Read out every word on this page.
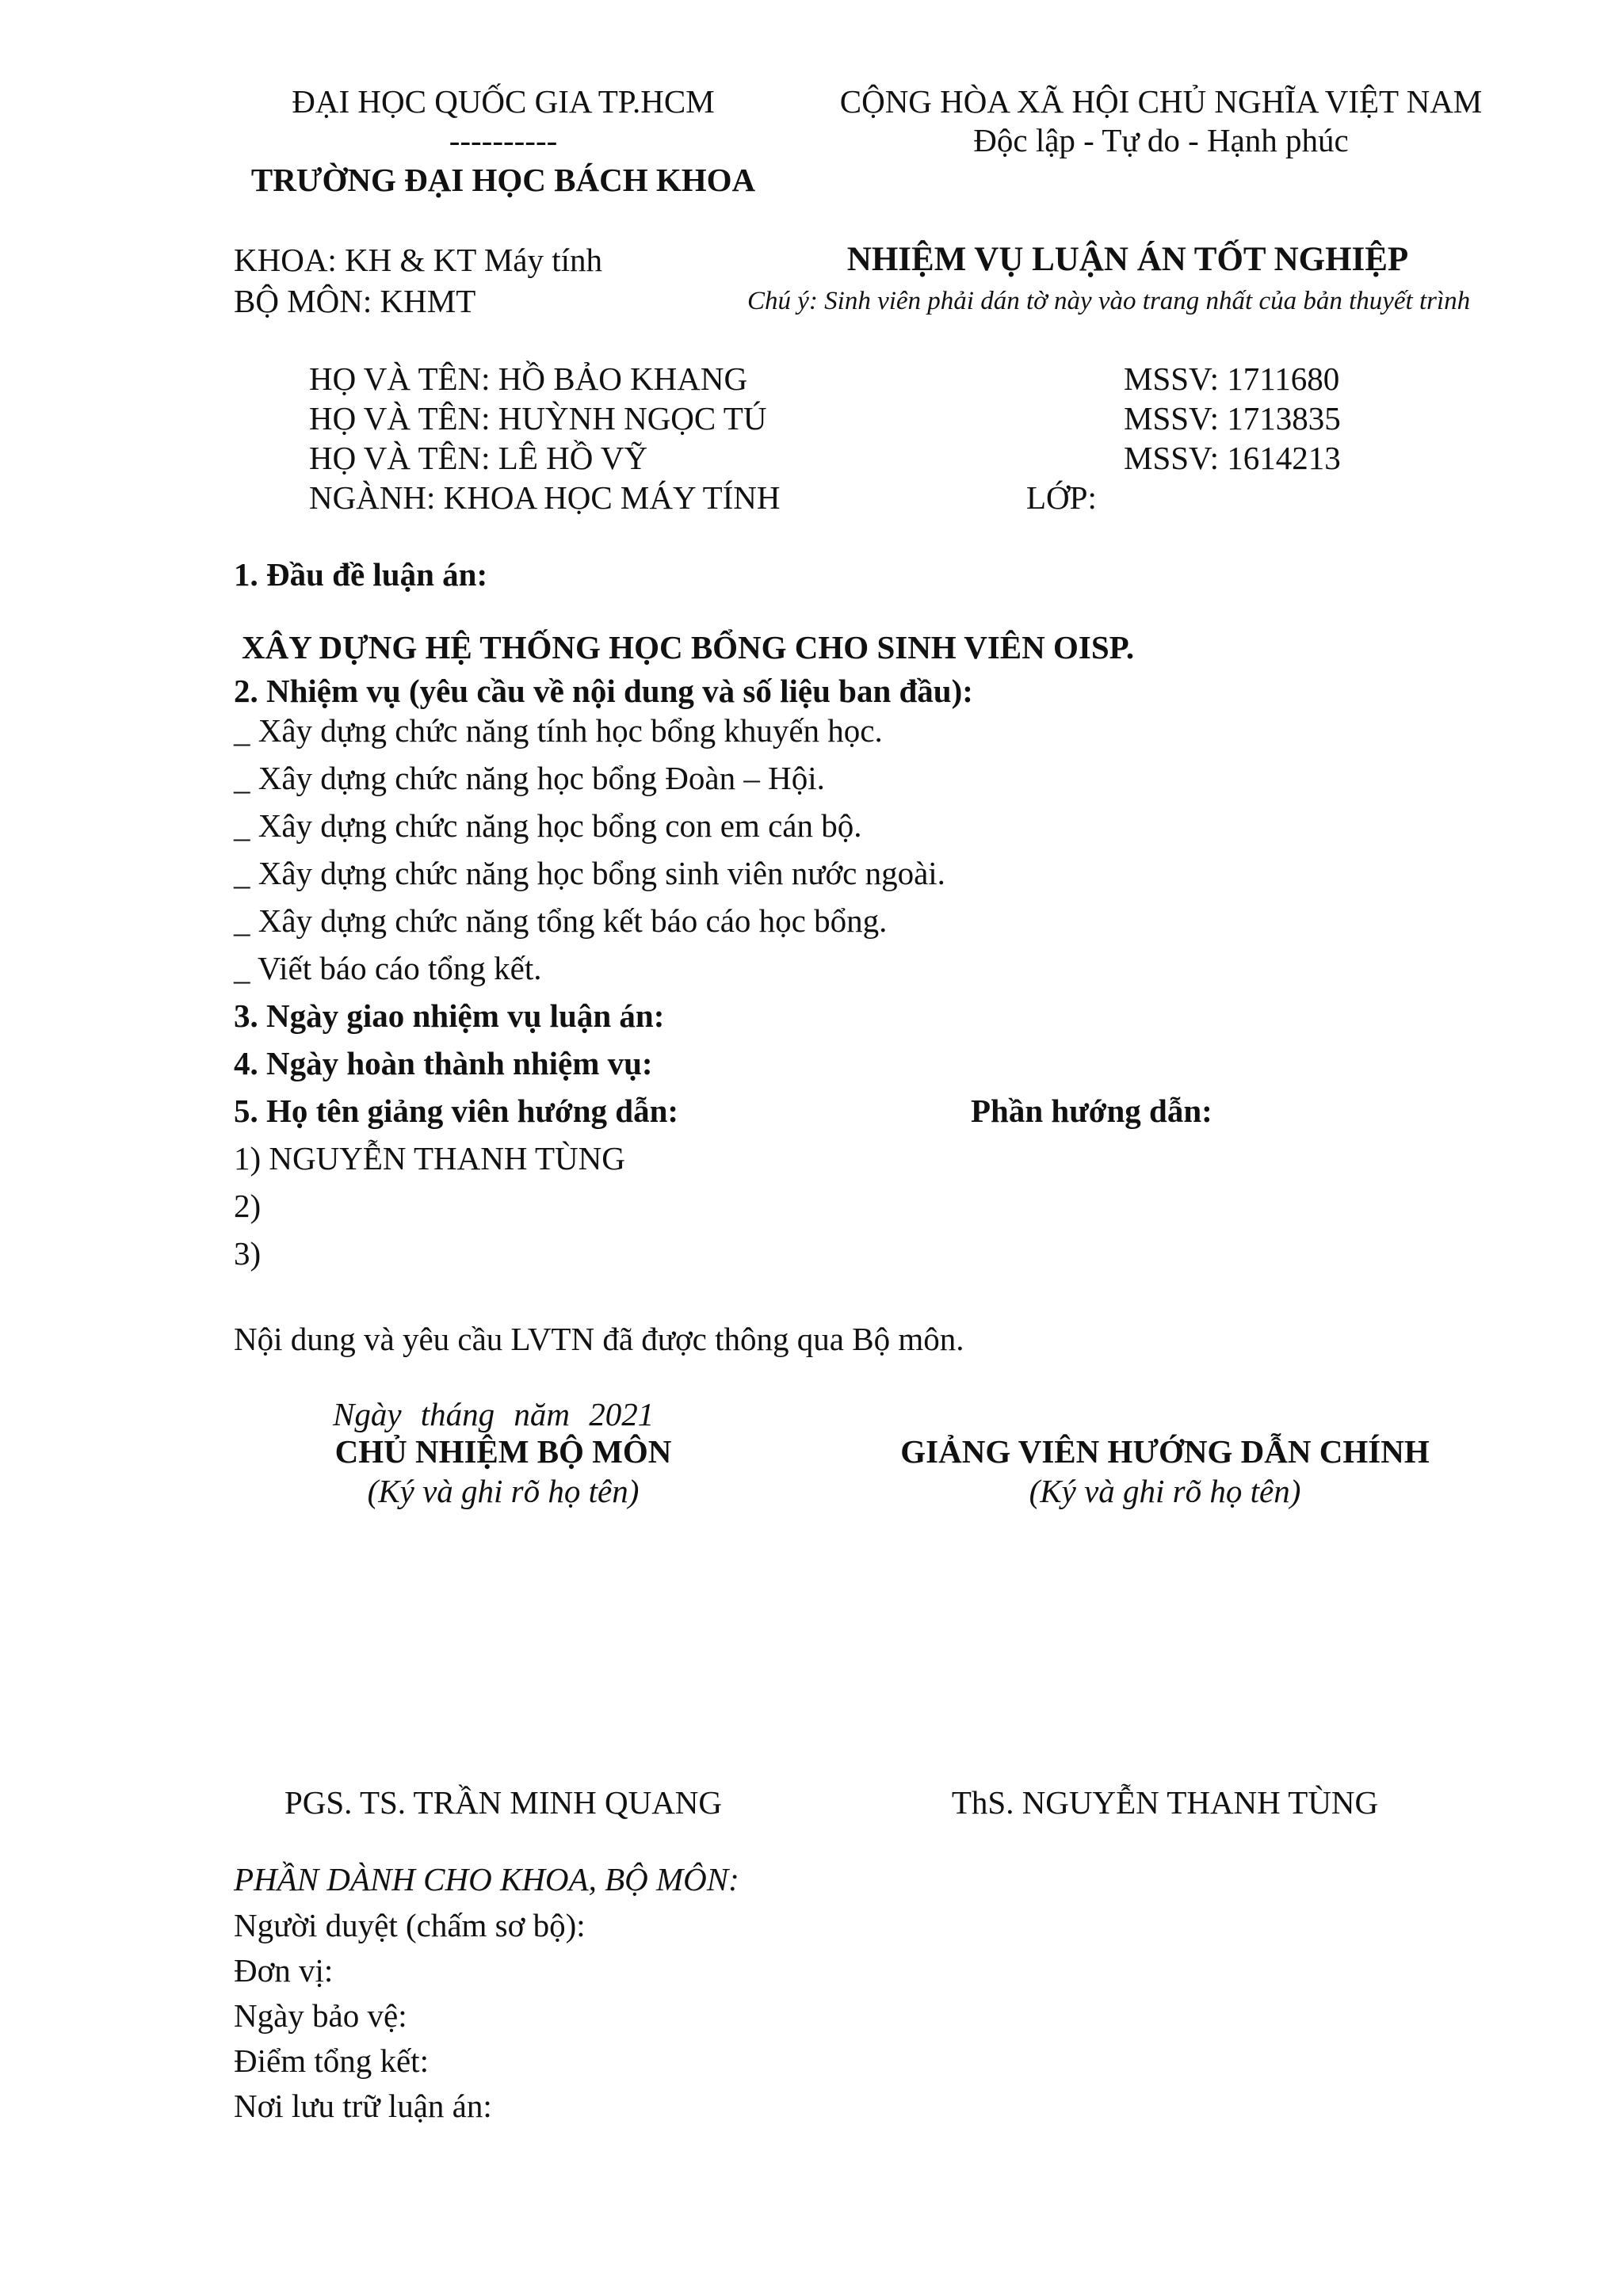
ĐẠI HỌC QUỐC GIA TP.HCM
----------
TRƯỜNG ĐẠI HỌC BÁCH KHOA
CỘNG HÒA XÃ HỘI CHỦ NGHĨA VIỆT NAM
Độc lập - Tự do - Hạnh phúc
KHOA: KH & KT Máy tính
BỘ MÔN: KHMT
NHIỆM VỤ LUẬN ÁN TỐT NGHIỆP
Chú ý: Sinh viên phải dán tờ này vào trang nhất của bản thuyết trình
HỌ VÀ TÊN: HỒ BẢO KHANG	MSSV: 1711680
HỌ VÀ TÊN: HUỲNH NGỌC TÚ	MSSV: 1713835
HỌ VÀ TÊN: LÊ HỒ VỸ	MSSV: 1614213
NGÀNH: KHOA HỌC MÁY TÍNH	LỚP:
1. Đầu đề luận án:
XÂY DỰNG HỆ THỐNG HỌC BỔNG CHO SINH VIÊN OISP.
2. Nhiệm vụ (yêu cầu về nội dung và số liệu ban đầu):
_ Xây dựng chức năng tính học bổng khuyến học.
_ Xây dựng chức năng học bổng Đoàn – Hội.
_ Xây dựng chức năng học bổng con em cán bộ.
_ Xây dựng chức năng học bổng sinh viên nước ngoài.
_ Xây dựng chức năng tổng kết báo cáo học bổng.
_ Viết báo cáo tổng kết.
3. Ngày giao nhiệm vụ luận án:
4. Ngày hoàn thành nhiệm vụ:
5. Họ tên giảng viên hướng dẫn:	Phần hướng dẫn:
1) NGUYỄN THANH TÙNG
2)
3)
Nội dung và yêu cầu LVTN đã được thông qua Bộ môn.
Ngày tháng năm 2021
CHỦ NHIỆM BỘ MÔN
(Ký và ghi rõ họ tên)
GIẢNG VIÊN HƯỚNG DẪN CHÍNH
(Ký và ghi rõ họ tên)
PGS. TS. TRẦN MINH QUANG	ThS. NGUYỄN THANH TÙNG
PHẦN DÀNH CHO KHOA, BỘ MÔN:
Người duyệt (chấm sơ bộ):
Đơn vị:
Ngày bảo vệ:
Điểm tổng kết:
Nơi lưu trữ luận án:
